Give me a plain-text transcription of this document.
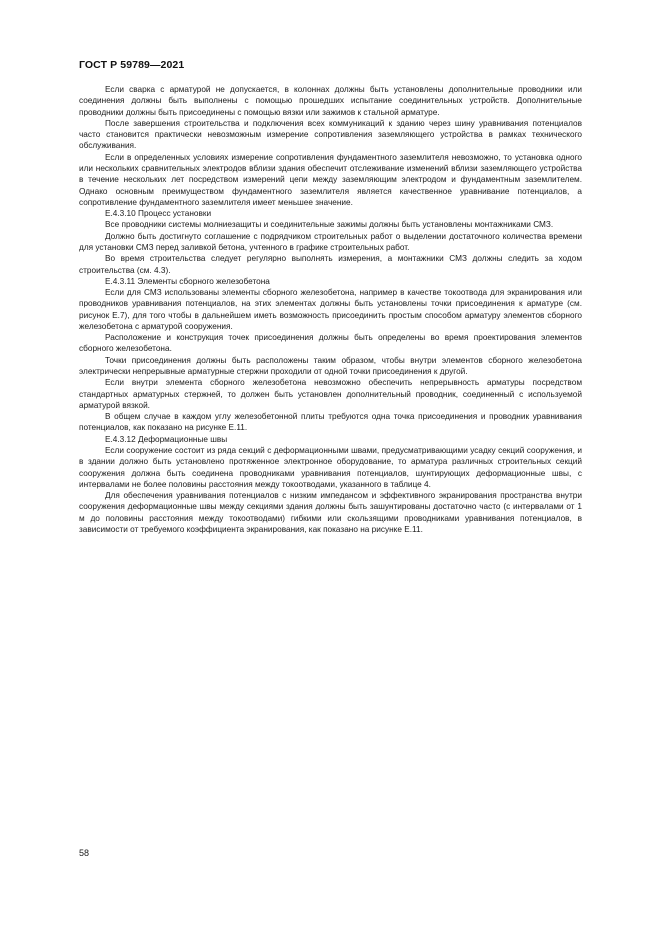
ГОСТ Р 59789—2021

Если сварка с арматурой не допускается, в колоннах должны быть установлены дополнительные проводники или соединения должны быть выполнены с помощью прошедших испытание соединительных устройств. Дополнительные проводники должны быть присоединены с помощью вязки или зажимов к стальной арматуре.

После завершения строительства и подключения всех коммуникаций к зданию через шину уравнивания потенциалов часто становится практически невозможным измерение сопротивления заземляющего устройства в рамках технического обслуживания.

Если в определенных условиях измерение сопротивления фундаментного заземлителя невозможно, то установка одного или нескольких сравнительных электродов вблизи здания обеспечит отслеживание изменений вблизи заземляющего устройства в течение нескольких лет посредством измерений цепи между заземляющим электродом и фундаментным заземлителем. Однако основным преимуществом фундаментного заземлителя является качественное уравнивание потенциалов, а сопротивление фундаментного заземлителя имеет меньшее значение.

Е.4.3.10 Процесс установки

Все проводники системы молниезащиты и соединительные зажимы должны быть установлены монтажниками СМЗ.

Должно быть достигнуто соглашение с подрядчиком строительных работ о выделении достаточного количества времени для установки СМЗ перед заливкой бетона, учтенного в графике строительных работ.

Во время строительства следует регулярно выполнять измерения, а монтажники СМЗ должны следить за ходом строительства (см. 4.3).

Е.4.3.11 Элементы сборного железобетона

Если для СМЗ использованы элементы сборного железобетона, например в качестве токоотвода для экранирования или проводников уравнивания потенциалов, на этих элементах должны быть установлены точки присоединения к арматуре (см. рисунок Е.7), для того чтобы в дальнейшем иметь возможность присоединить простым способом арматуру элементов сборного железобетона с арматурой сооружения.

Расположение и конструкция точек присоединения должны быть определены во время проектирования элементов сборного железобетона.

Точки присоединения должны быть расположены таким образом, чтобы внутри элементов сборного железобетона электрически непрерывные арматурные стержни проходили от одной точки присоединения к другой.

Если внутри элемента сборного железобетона невозможно обеспечить непрерывность арматуры посредством стандартных арматурных стержней, то должен быть установлен дополнительный проводник, соединенный с используемой арматурой вязкой.

В общем случае в каждом углу железобетонной плиты требуются одна точка присоединения и проводник уравнивания потенциалов, как показано на рисунке Е.11.

Е.4.3.12 Деформационные швы

Если сооружение состоит из ряда секций с деформационными швами, предусматривающими усадку секций сооружения, и в здании должно быть установлено протяженное электронное оборудование, то арматура различных строительных секций сооружения должна быть соединена проводниками уравнивания потенциалов, шунтирующих деформационные швы, с интервалами не более половины расстояния между токоотводами, указанного в таблице 4.

Для обеспечения уравнивания потенциалов с низким импедансом и эффективного экранирования пространства внутри сооружения деформационные швы между секциями здания должны быть зашунтированы достаточно часто (с интервалами от 1 м до половины расстояния между токоотводами) гибкими или скользящими проводниками уравнивания потенциалов, в зависимости от требуемого коэффициента экранирования, как показано на рисунке Е.11.

58
